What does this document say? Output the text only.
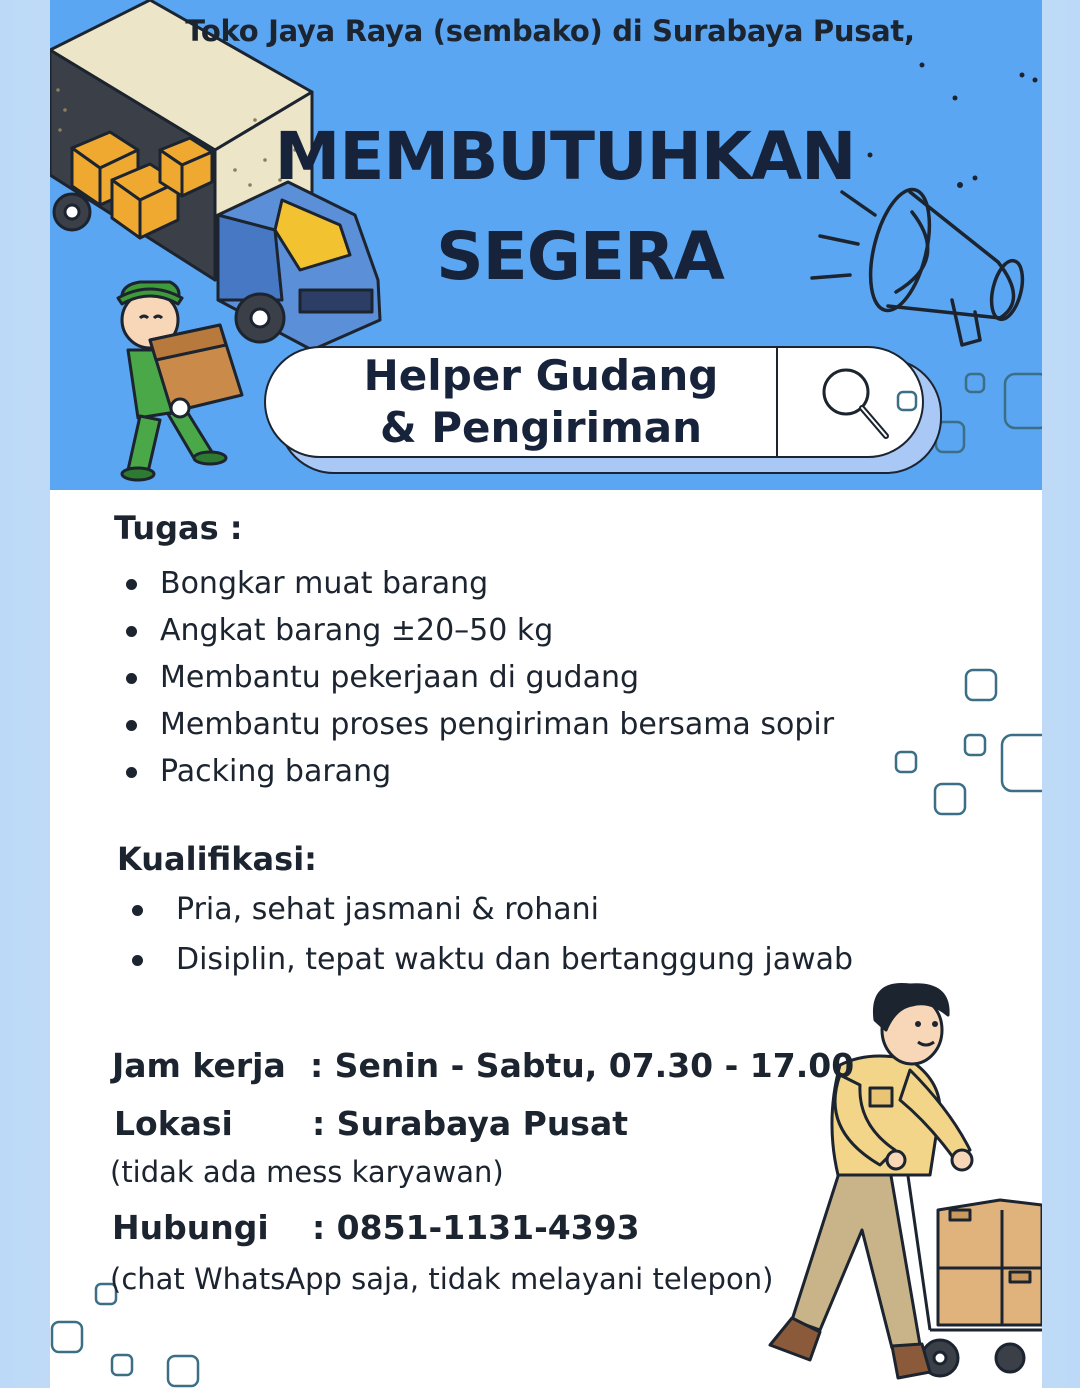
Toko Jaya Raya (sembako) di Surabaya Pusat,
MEMBUTUHKAN
SEGERA
Helper Gudang
& Pengiriman
Tugas :
Bongkar muat barang
Angkat barang ±20–50 kg
Membantu pekerjaan di gudang
Membantu proses pengiriman bersama sopir
Packing barang
Kualifikasi:
Pria, sehat jasmani & rohani
Disiplin, tepat waktu dan bertanggung jawab
Jam kerja : Senin - Sabtu, 07.30 - 17.00
Lokasi : Surabaya Pusat
(tidak ada mess karyawan)
Hubungi : 0851-1131-4393
(chat WhatsApp saja, tidak melayani telepon)
